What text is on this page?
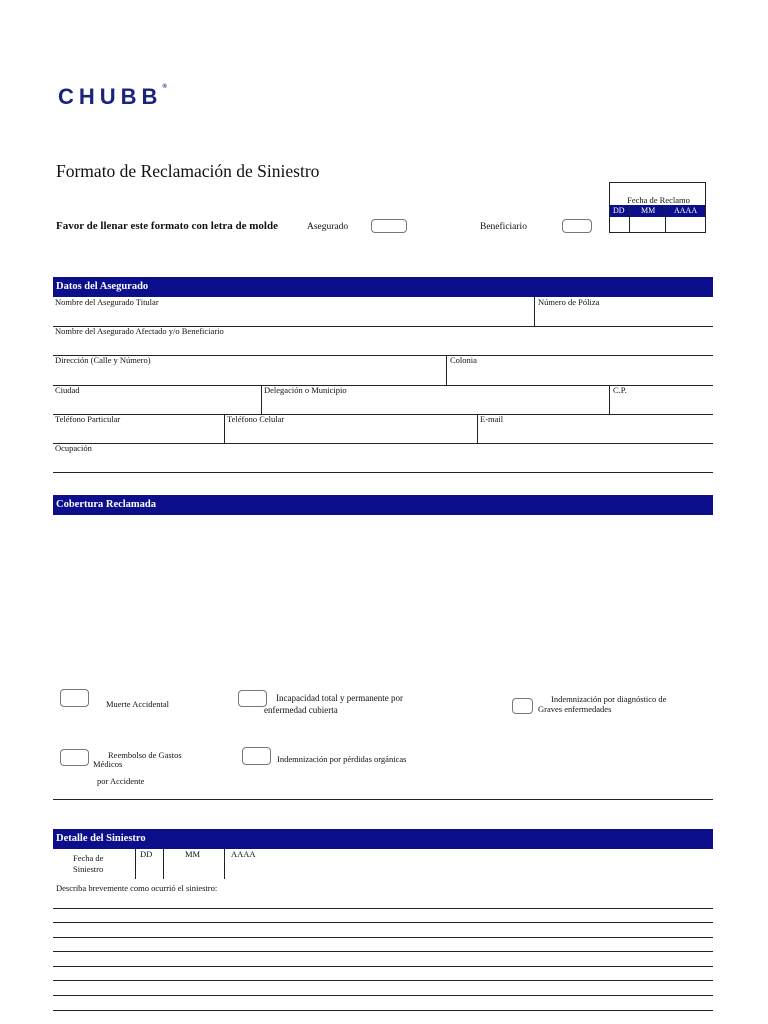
CHUBB®
Formato de Reclamación de Siniestro
Fecha de Reclamo
DD MM AAAA
Favor de llenar este formato con letra de molde	Asegurado	Beneficiario
Datos del Asegurado
Nombre del Asegurado Titular	Número de Póliza
Nombre del Asegurado Afectado y/o Beneficiario
Dirección (Calle y Número)	Colonia
Ciudad	Delegación o Municipio	C.P.
Teléfono Particular	Teléfono Celular	E-mail
Ocupación
Cobertura Reclamada
Muerte Accidental
Incapacidad total y permanente por
enfermedad cubierta
Indemnización por diagnóstico de
Graves enfermedades
Reembolso de Gastos
Médicos
por Accidente
Indemnización por pérdidas orgánicas
Detalle del Siniestro
Fecha de
Siniestro
DD	MM	AAAA
Describa brevemente como ocurrió el siniestro:
